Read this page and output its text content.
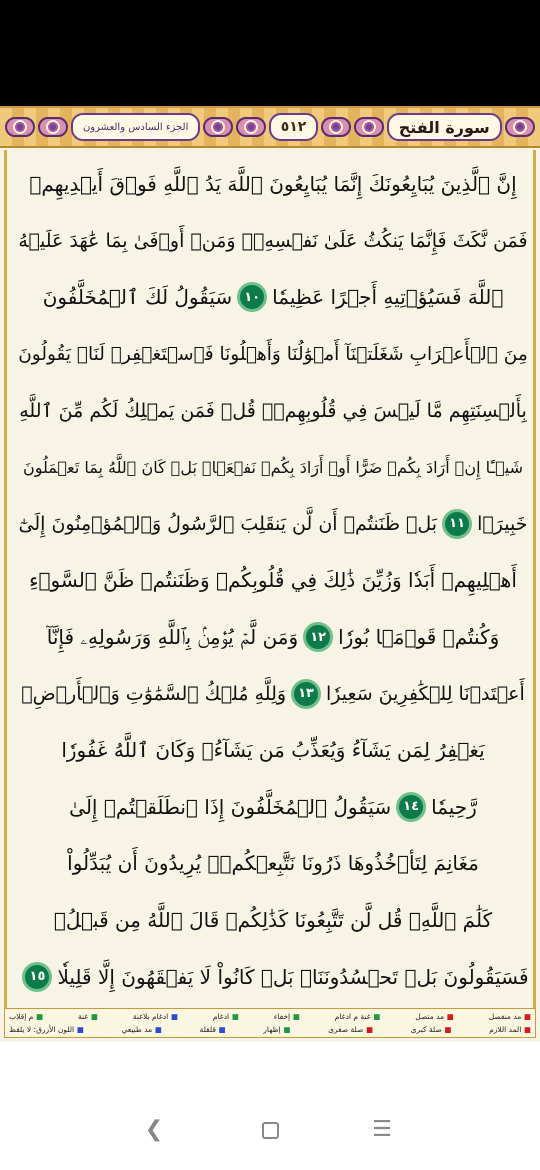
الجزء السادس والعشرون	٥١٢	سورة الفتح
إِنَّ ٱلَّذِينَ يُبَايِعُونَكَ إِنَّمَا يُبَايِعُونَ ٱللَّهَ يَدُ ٱللَّهِ فَوۡقَ أَيۡدِيهِمۡ
فَمَن نَّكَثَ فَإِنَّمَا يَنكُثُ عَلَىٰ نَفۡسِهِۦۖ وَمَنۡ أَوۡفَىٰ بِمَا عَٰهَدَ عَلَيۡهُ
ٱللَّهَ فَسَيُؤۡتِيهِ أَجۡرًا عَظِيمٗا
١٠
سَيَقُولُ لَكَ ٱلۡمُخَلَّفُونَ
مِنَ ٱلۡأَعۡرَابِ شَغَلَتۡنَآ أَمۡوَٰلُنَا وَأَهۡلُونَا فَٱسۡتَغۡفِرۡ لَنَاۚ يَقُولُونَ
بِأَلۡسِنَتِهِم مَّا لَيۡسَ فِي قُلُوبِهِمۡۚ قُلۡ فَمَن يَمۡلِكُ لَكُم مِّنَ ٱللَّهِ
شَيۡـًٔا إِنۡ أَرَادَ بِكُمۡ ضَرًّا أَوۡ أَرَادَ بِكُمۡ نَفۡعَۢاۚ بَلۡ كَانَ ٱللَّهُ بِمَا تَعۡمَلُونَ
خَبِيرَۢا
١١
بَلۡ ظَنَنتُمۡ أَن لَّن يَنقَلِبَ ٱلرَّسُولُ وَٱلۡمُؤۡمِنُونَ إِلَىٰٓ
أَهۡلِيهِمۡ أَبَدٗا وَزُيِّنَ ذَٰلِكَ فِي قُلُوبِكُمۡ وَظَنَنتُمۡ ظَنَّ ٱلسَّوۡءِ
وَكُنتُمۡ قَوۡمَۢا بُورٗا
١٢
وَمَن لَّمۡ يُؤۡمِنۢ بِٱللَّهِ وَرَسُولِهِۦ فَإِنَّآ
أَعۡتَدۡنَا لِلۡكَٰفِرِينَ سَعِيرٗا
١٣
وَلِلَّهِ مُلۡكُ ٱلسَّمَٰوَٰتِ وَٱلۡأَرۡضِۚ
يَغۡفِرُ لِمَن يَشَآءُ وَيُعَذِّبُ مَن يَشَآءُۚ وَكَانَ ٱللَّهُ غَفُورٗا
رَّحِيمٗا
١٤
سَيَقُولُ ٱلۡمُخَلَّفُونَ إِذَا ٱنطَلَقۡتُمۡ إِلَىٰ
مَغَانِمَ لِتَأۡخُذُوهَا ذَرُونَا نَتَّبِعۡكُمۡۖ يُرِيدُونَ أَن يُبَدِّلُواْ
كَلَٰمَ ٱللَّهِۚ قُل لَّن تَتَّبِعُونَا كَذَٰلِكُمۡ قَالَ ٱللَّهُ مِن قَبۡلُۖ
فَسَيَقُولُونَ بَلۡ تَحۡسُدُونَنَاۚ بَلۡ كَانُواْ لَا يَفۡقَهُونَ إِلَّا قَلِيلٗا
١٥
■ مد منفصل
■ مد متصل
■ غنة م ادغام
■ إخفاء
■ ادغام
■ ادغام بلاغنة
■ غنة
■ م إقلاب
■ المد اللازم
■ صلة كبرى
■ صلة صغرى
■ إظهار
■ قلقلة
■ مد طبيعي
■ اللون الأزرق: لا يلفظ
❮	☰
